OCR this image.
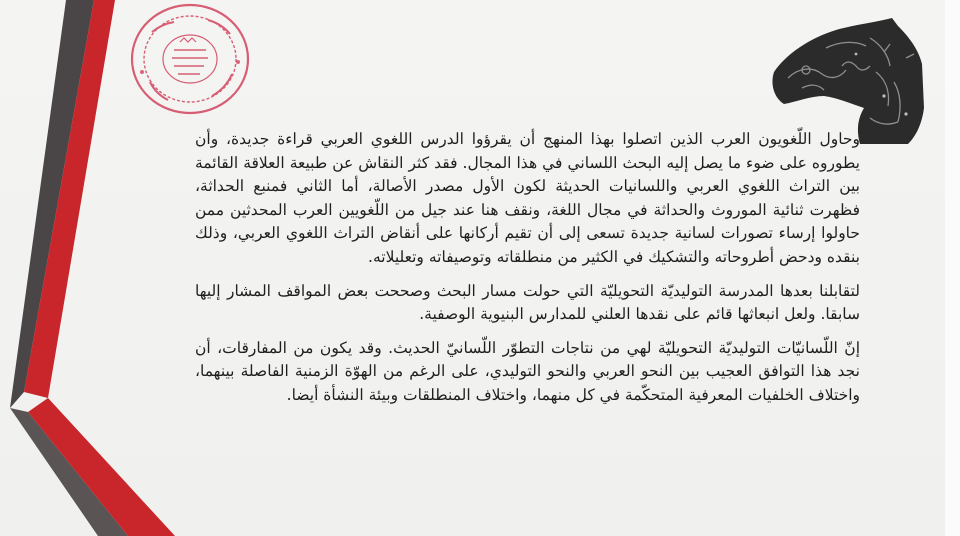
وحاول اللّغويون العرب الذين اتصلوا بهذا المنهج أن يقرؤوا الدرس اللغوي العربي قراءة جديدة، وأن يطوروه على ضوء ما يصل إليه البحث اللساني في هذا المجال. فقد كثر النقاش عن طبيعة العلاقة القائمة بين التراث اللغوي العربي واللسانيات الحديثة لكون الأول مصدر الأصالة، أما الثاني فمنبع الحداثة، فظهرت ثنائية الموروث والحداثة في مجال اللغة، ونقف هنا عند جيل من اللّغويين العرب المحدثين ممن حاولوا إرساء تصورات لسانية جديدة تسعى إلى أن تقيم أركانها على أنقاض التراث اللغوي العربي، وذلك بنقده ودحض أطروحاته والتشكيك في الكثير من منطلقاته وتوصيفاته وتعليلاته.

لتقابلنا بعدها المدرسة التوليديّة التحويليّة التي حولت مسار البحث وصححت بعض المواقف المشار إليها سابقا. ولعل انبعاثها قائم على نقدها العلني للمدارس البنيوية الوصفية.

إنّ اللّسانيّات التوليديّة التحويليّة لهي من نتاجات التطوّر اللّسانيّ الحديث. وقد يكون من المفارقات، أن نجد هذا التوافق العجيب بين النحو العربي والنحو التوليدي، على الرغم من الهوّة الزمنية الفاصلة بينهما، واختلاف الخلفيات المعرفية المتحكّمة في كل منهما، واختلاف المنطلقات وبيئة النشأة أيضا.
